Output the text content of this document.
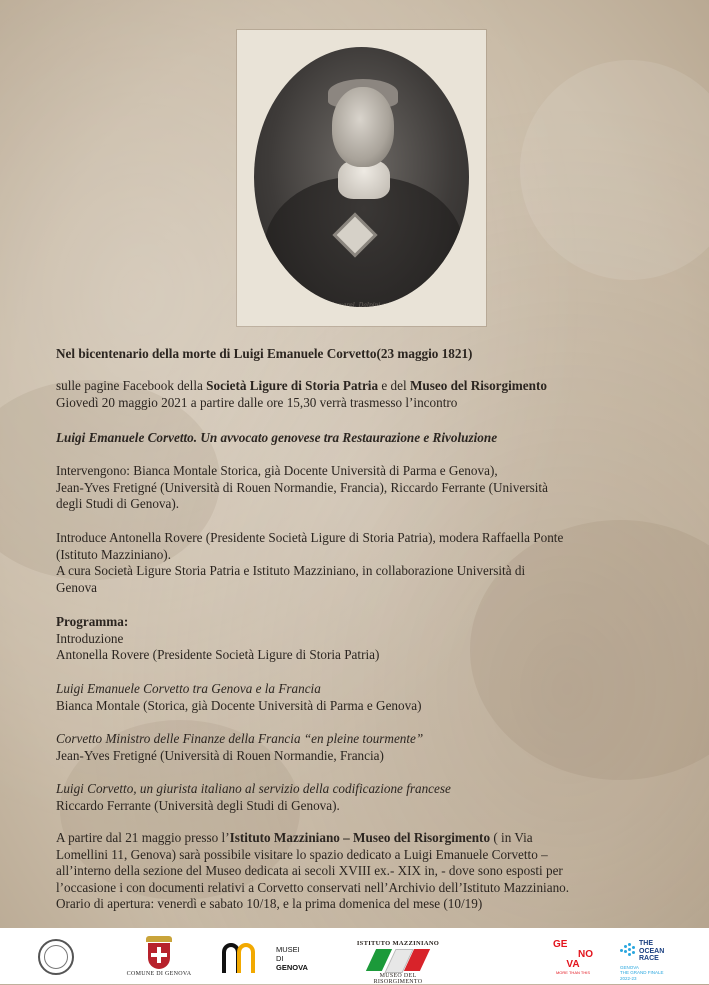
Gondin Aquarel. Dalpini e Grochenger inc. ecc.

Nel bicentenario della morte di Luigi Emanuele Corvetto(23 maggio 1821)

sulle pagine Facebook della Società Ligure di Storia Patria e del Museo del Risorgimento

Giovedì 20 maggio 2021 a partire dalle ore 15,30 verrà trasmesso l’incontro

Luigi Emanuele Corvetto. Un avvocato genovese tra Restaurazione e Rivoluzione

Intervengono: Bianca Montale Storica, già Docente Università di Parma e Genova),

Jean-Yves Fretigné (Università di Rouen Normandie, Francia), Riccardo Ferrante (Università

degli Studi di Genova).

Introduce Antonella Rovere (Presidente Società Ligure di Storia Patria), modera Raffaella Ponte

(Istituto Mazziniano).

A cura Società Ligure Storia Patria e Istituto Mazziniano, in collaborazione Università di

Genova

Programma:

Introduzione

Antonella Rovere (Presidente Società Ligure di Storia Patria)

Luigi Emanuele Corvetto tra Genova e la Francia

Bianca Montale (Storica, già Docente Università di Parma e Genova)

Corvetto Ministro delle Finanze della Francia “en pleine tourmente”

Jean-Yves Fretigné (Università di Rouen Normandie, Francia)

Luigi Corvetto, un giurista italiano al servizio della codificazione francese

Riccardo Ferrante (Università degli Studi di Genova).

A partire dal 21 maggio presso l’Istituto Mazziniano – Museo del Risorgimento ( in Via

Lomellini 11, Genova) sarà possibile visitare lo spazio dedicato a Luigi Emanuele Corvetto –

all’interno della sezione del Museo dedicata ai secoli XVIII ex.- XIX in, - dove sono esposti per

l’occasione i con documenti relativi a Corvetto conservati nell’Archivio dell’Istituto Mazziniano.

Orario di apertura: venerdì e sabato 10/18, e la prima domenica del mese (10/19)

COMUNE DI GENOVA
MUSEI
DI
GENOVA
ISTITUTO MAZZINIANO
MUSEO DEL RISORGIMENTO
GE
NO
VA
MORE THAN THIS
THE
OCEAN
RACE
GENOVA
THE GRAND FINALE
2022-23
